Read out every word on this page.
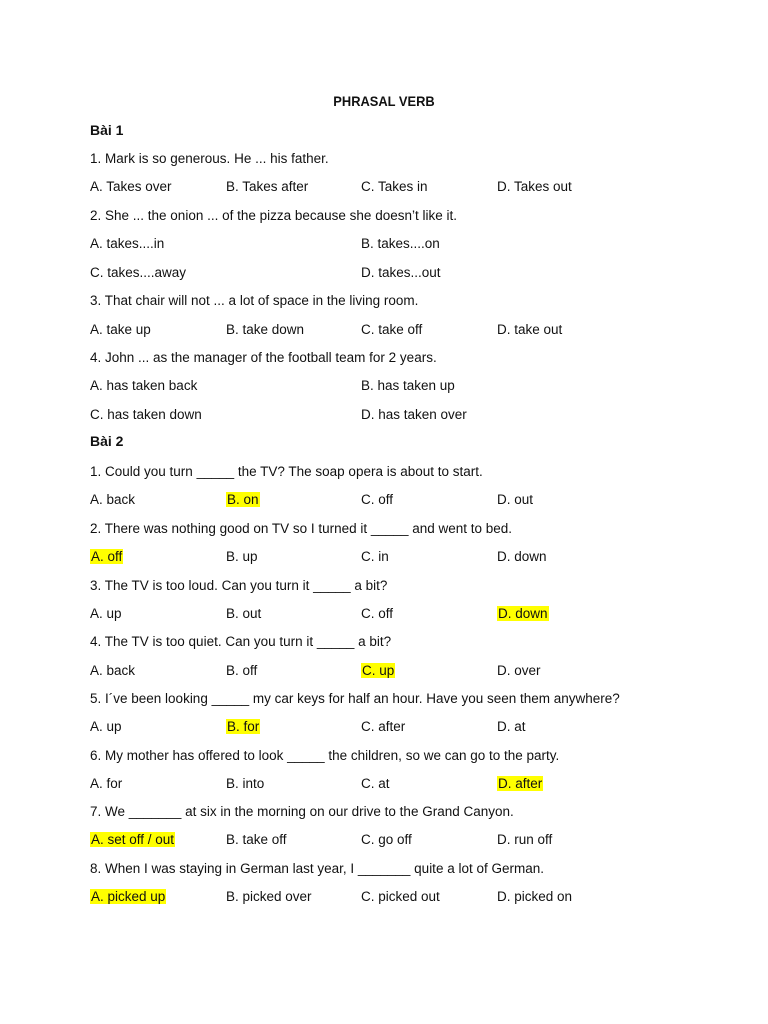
PHRASAL VERB
Bài 1
1. Mark is so generous. He ... his father.
A. Takes over	B. Takes after	C. Takes in	D. Takes out
2. She ... the onion ... of the pizza because she doesn’t like it.
A. takes....in	B. takes....on
C. takes....away	D. takes...out
3. That chair will not ... a lot of space in the living room.
A. take up	B. take down	C. take off	D. take out
4. John ... as the manager of the football team for 2 years.
A. has taken back	B. has taken up
C. has taken down	D. has taken over
Bài 2
1. Could you turn _____ the TV? The soap opera is about to start.
A. back	B. on	C. off	D. out
2. There was nothing good on TV so I turned it _____ and went to bed.
A. off	B. up	C. in	D. down
3. The TV is too loud. Can you turn it _____ a bit?
A. up	B. out	C. off	D. down
4. The TV is too quiet. Can you turn it _____ a bit?
A. back	B. off	C. up	D. over
5. I´ve been looking _____ my car keys for half an hour. Have you seen them anywhere?
A. up	B. for	C. after	D. at
6. My mother has offered to look _____ the children, so we can go to the party.
A. for	B. into	C. at	D. after
7. We _______ at six in the morning on our drive to the Grand Canyon.
A. set off / out	B. take off	C. go off	D. run off
8. When I was staying in German last year, I _______ quite a lot of German.
A. picked up	B. picked over	C. picked out	D. picked on
